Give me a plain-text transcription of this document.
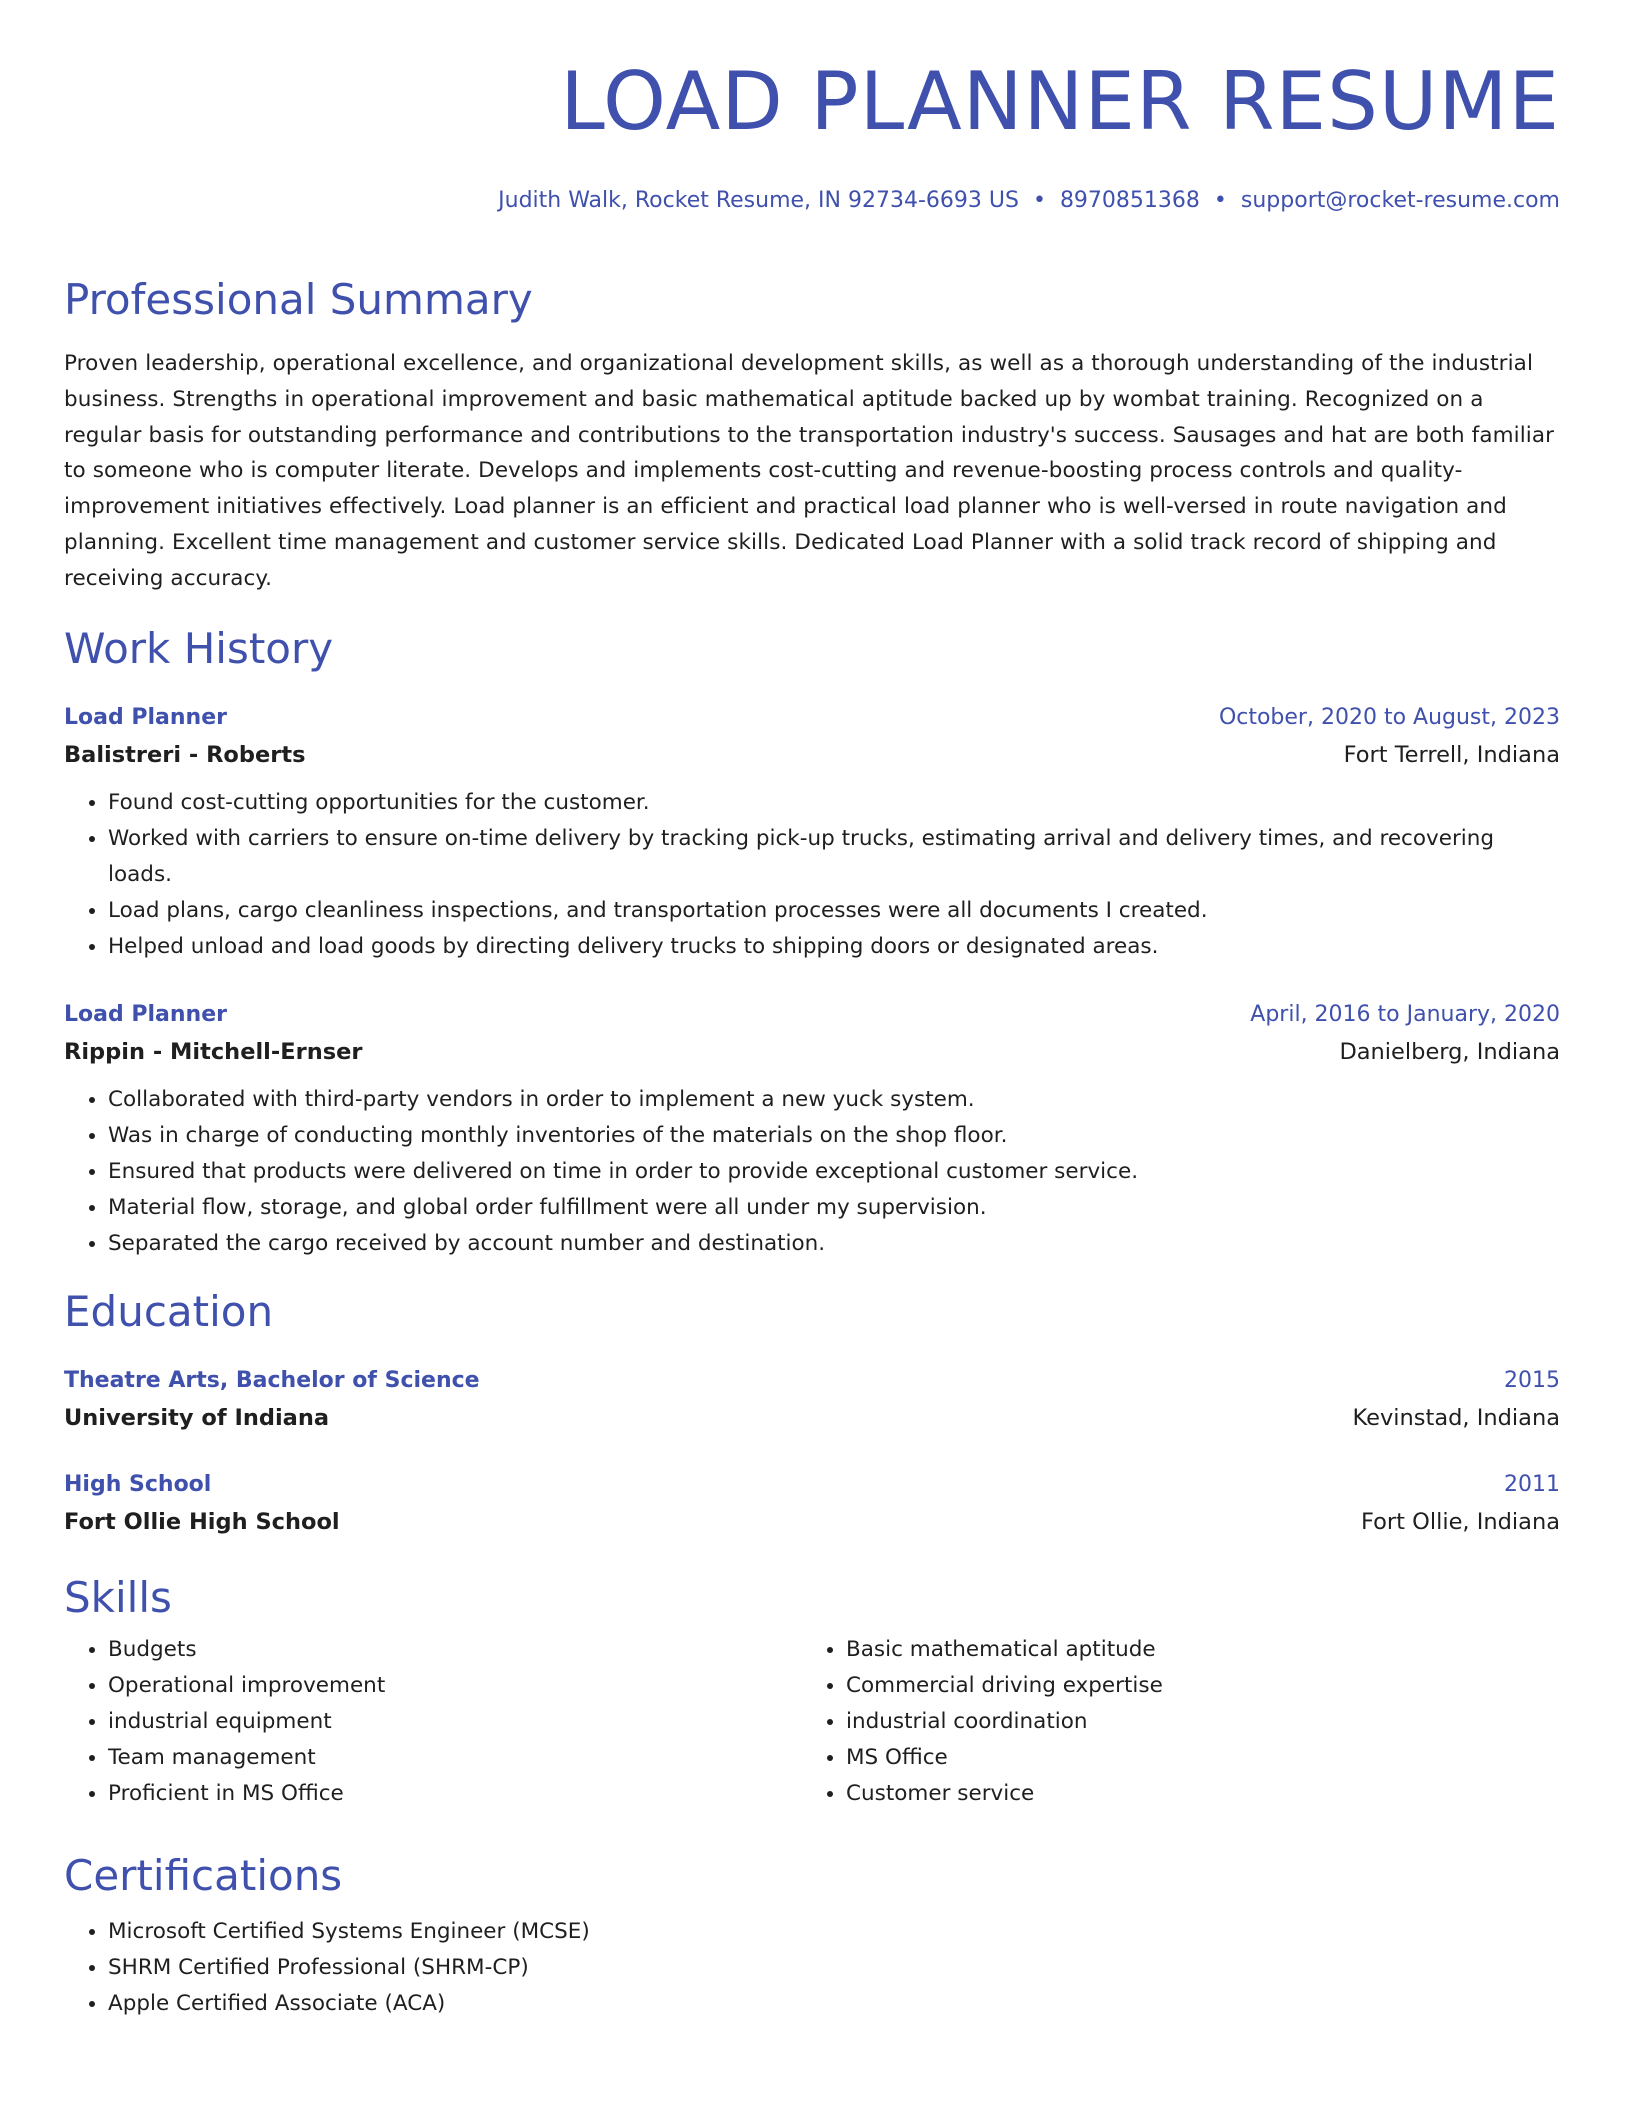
LOAD PLANNER RESUME
Judith Walk, Rocket Resume, IN 92734-6693 US • 8970851368 • support@rocket-resume.com
Professional Summary
Proven leadership, operational excellence, and organizational development skills, as well as a thorough understanding of the industrial business. Strengths in operational improvement and basic mathematical aptitude backed up by wombat training. Recognized on a regular basis for outstanding performance and contributions to the transportation industry's success. Sausages and hat are both familiar to someone who is computer literate. Develops and implements cost-cutting and revenue-boosting process controls and quality-improvement initiatives effectively. Load planner is an efficient and practical load planner who is well-versed in route navigation and planning. Excellent time management and customer service skills. Dedicated Load Planner with a solid track record of shipping and receiving accuracy.
Work History
Load Planner	October, 2020 to August, 2023
Balistreri - Roberts	Fort Terrell, Indiana
• Found cost-cutting opportunities for the customer.
• Worked with carriers to ensure on-time delivery by tracking pick-up trucks, estimating arrival and delivery times, and recovering loads.
• Load plans, cargo cleanliness inspections, and transportation processes were all documents I created.
• Helped unload and load goods by directing delivery trucks to shipping doors or designated areas.
Load Planner	April, 2016 to January, 2020
Rippin - Mitchell-Ernser	Danielberg, Indiana
• Collaborated with third-party vendors in order to implement a new yuck system.
• Was in charge of conducting monthly inventories of the materials on the shop floor.
• Ensured that products were delivered on time in order to provide exceptional customer service.
• Material flow, storage, and global order fulfillment were all under my supervision.
• Separated the cargo received by account number and destination.
Education
Theatre Arts, Bachelor of Science	2015
University of Indiana	Kevinstad, Indiana
High School	2011
Fort Ollie High School	Fort Ollie, Indiana
Skills
• Budgets
• Operational improvement
• industrial equipment
• Team management
• Proficient in MS Office
• Basic mathematical aptitude
• Commercial driving expertise
• industrial coordination
• MS Office
• Customer service
Certifications
• Microsoft Certified Systems Engineer (MCSE)
• SHRM Certified Professional (SHRM-CP)
• Apple Certified Associate (ACA)
